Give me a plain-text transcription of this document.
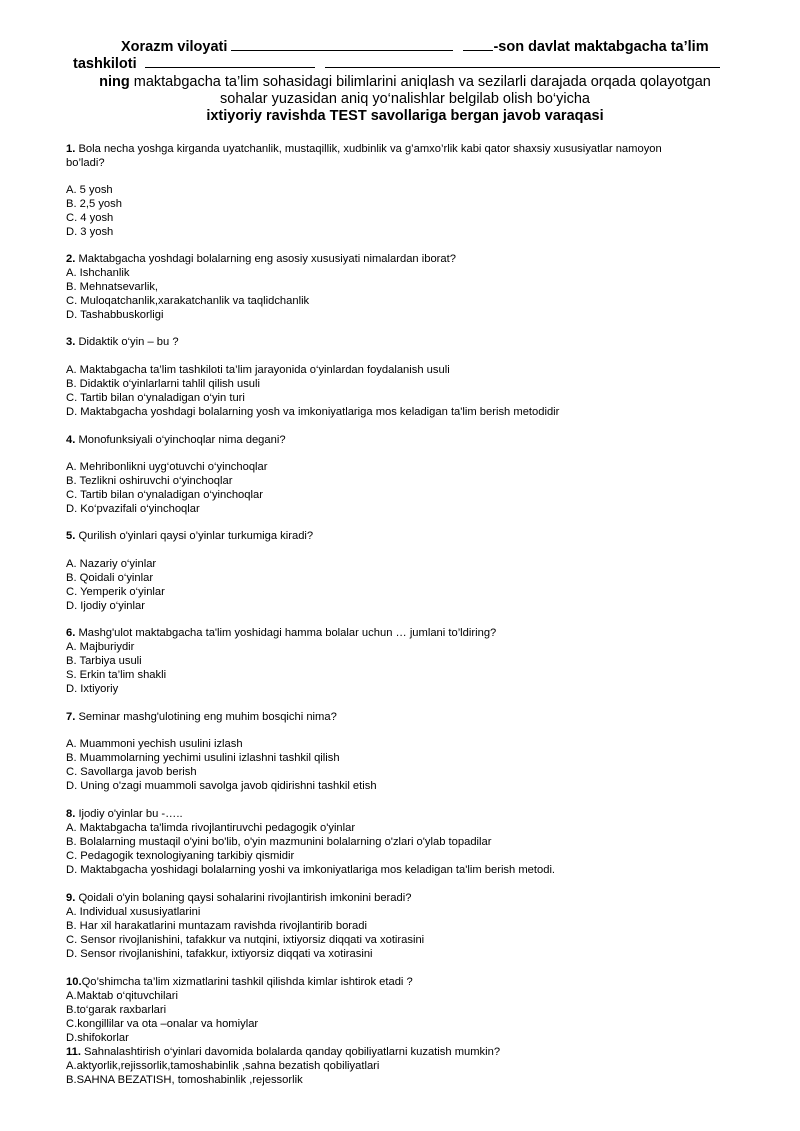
Xorazm viloyati	-son davlat maktabgacha ta’lim
tashkiloti
ning maktabgacha ta’lim sohasidagi bilimlarini aniqlash va sezilarli darajada orqada qolayotgan
sohalar yuzasidan aniq yo‘nalishlar belgilab olish bo‘yicha
ixtiyoriy ravishda TEST savollariga bergan javob varaqasi
1. Bola necha yoshga kirganda uyatchanlik, mustaqillik, xudbinlik va g’amxo’rlik kabi qator shaxsiy xususiyatlar namoyon
bo’ladi?
A. 5 yosh
B. 2,5 yosh
C. 4 yosh
D. 3 yosh
2. Maktabgacha yoshdagi bolalarning eng asosiy xususiyati nimalardan iborat?
A. Ishchanlik
B. Mehnatsevarlik,
C. Muloqatchanlik,xarakatchanlik va taqlidchanlik
D. Tashabbuskorligi
3. Didaktik o‘yin – bu ?
A. Maktabgacha ta’lim tashkiloti ta’lim jarayonida o‘yinlardan foydalanish usuli
B. Didaktik o‘yinlarlarni tahlil qilish usuli
C. Tartib bilan o‘ynaladigan o‘yin turi
D. Maktabgacha yoshdagi bolalarning yosh va imkoniyatlariga mos keladigan ta'lim berish metodidir
4. Monofunksiyali o‘yinchoqlar nima degani?
A. Mehribonlikni uyg‘otuvchi o‘yinchoqlar
B. Tezlikni oshiruvchi o‘yinchoqlar
C. Tartib bilan o‘ynaladigan o‘yinchoqlar
D. Ko‘pvazifali o‘yinchoqlar
5. Qurilish o'yinlari qaysi o’yinlar turkumiga kiradi?
A. Nazariy o‘yinlar
B. Qoidali o‘yinlar
C. Yemperik o‘yinlar
D. Ijodiy o‘yinlar
6. Mashg'ulot maktabgacha ta'lim yoshidagi hamma bolalar uchun … jumlani to’ldiring?
A. Majburiydir
B. Tarbiya usuli
S. Erkin ta’lim shakli
D. Ixtiyoriy
7. Seminar mashg'ulotining eng muhim bosqichi nima?
A. Muammoni yechish usulini izlash
B. Muammolarning yechimi usulini izlashni tashkil qilish
C. Savollarga javob berish
D. Uning o'zagi muammoli savolga javob qidirishni tashkil etish
8. Ijodiy o'yinlar bu -…..
A. Maktabgacha ta'limda rivojlantiruvchi pedagogik o'yinlar
B. Bolalarning mustaqil o'yini bo'lib, o'yin mazmunini bolalarning o'zlari o'ylab topadilar
C. Pedagogik texnologiyaning tarkibiy qismidir
D. Maktabgacha yoshidagi bolalarning yoshi va imkoniyatlariga mos keladigan ta'lim berish metodi.
9. Qoidali o'yin bolaning qaysi sohalarini rivojlantirish imkonini beradi?
A. Individual xususiyatlarini
B. Har xil harakatlarini muntazam ravishda rivojlantirib boradi
C. Sensor rivojlanishini, tafakkur va nutqini, ixtiyorsiz diqqati va xotirasini
D. Sensor rivojlanishini, tafakkur, ixtiyorsiz diqqati va xotirasini
10.Qo’shimcha ta’lim xizmatlarini tashkil qilishda kimlar ishtirok etadi ?
A.Maktab o‘qituvchilari
B.to‘garak raxbarlari
C.kongillilar va ota –onalar va homiylar
D.shifokorlar
11. Sahnalashtirish o‘yinlari davomida bolalarda qanday qobiliyatlarni kuzatish mumkin?
A.aktyorlik,rejissorlik,tamoshabinlik ,sahna bezatish qobiliyatlari
B.SAHNA BEZATISH, tomoshabinlik ,rejessorlik
